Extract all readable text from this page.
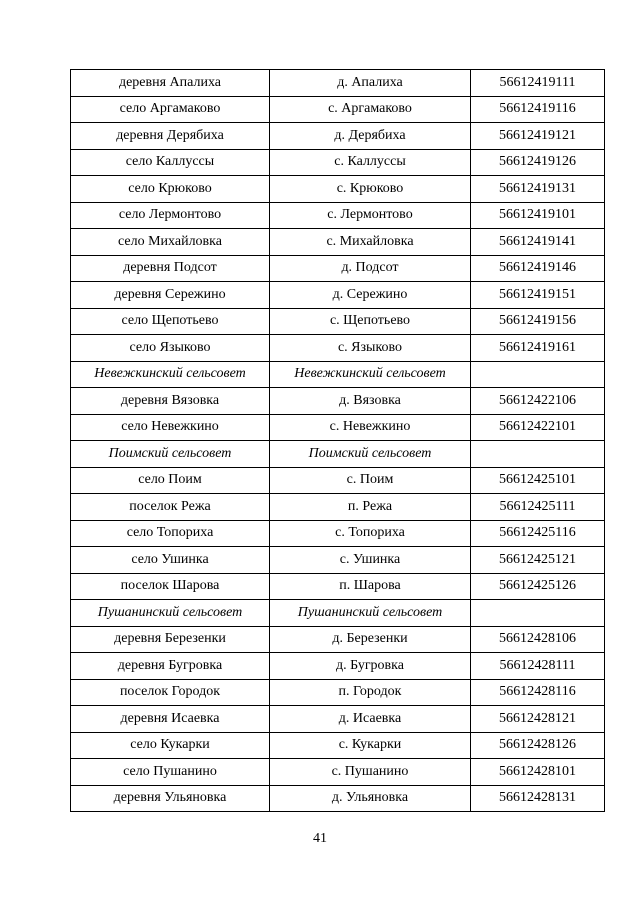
деревня Апалиха	д. Апалиха	56612419111
село Аргамаково	с. Аргамаково	56612419116
деревня Дерябиха	д. Дерябиха	56612419121
село Каллуссы	с. Каллуссы	56612419126
село Крюково	с. Крюково	56612419131
село Лермонтово	с. Лермонтово	56612419101
село Михайловка	с. Михайловка	56612419141
деревня Подсот	д. Подсот	56612419146
деревня Сережино	д. Сережино	56612419151
село Щепотьево	с. Щепотьево	56612419156
село Языково	с. Языково	56612419161
Невежкинский сельсовет	Невежкинский сельсовет	
деревня Вязовка	д. Вязовка	56612422106
село Невежкино	с. Невежкино	56612422101
Поимский сельсовет	Поимский сельсовет	
село Поим	с. Поим	56612425101
поселок Режа	п. Режа	56612425111
село Топориха	с. Топориха	56612425116
село Ушинка	с. Ушинка	56612425121
поселок Шарова	п. Шарова	56612425126
Пушанинский сельсовет	Пушанинский сельсовет	
деревня Березенки	д. Березенки	56612428106
деревня Бугровка	д. Бугровка	56612428111
поселок Городок	п. Городок	56612428116
деревня Исаевка	д. Исаевка	56612428121
село Кукарки	с. Кукарки	56612428126
село Пушанино	с. Пушанино	56612428101
деревня Ульяновка	д. Ульяновка	56612428131
41
